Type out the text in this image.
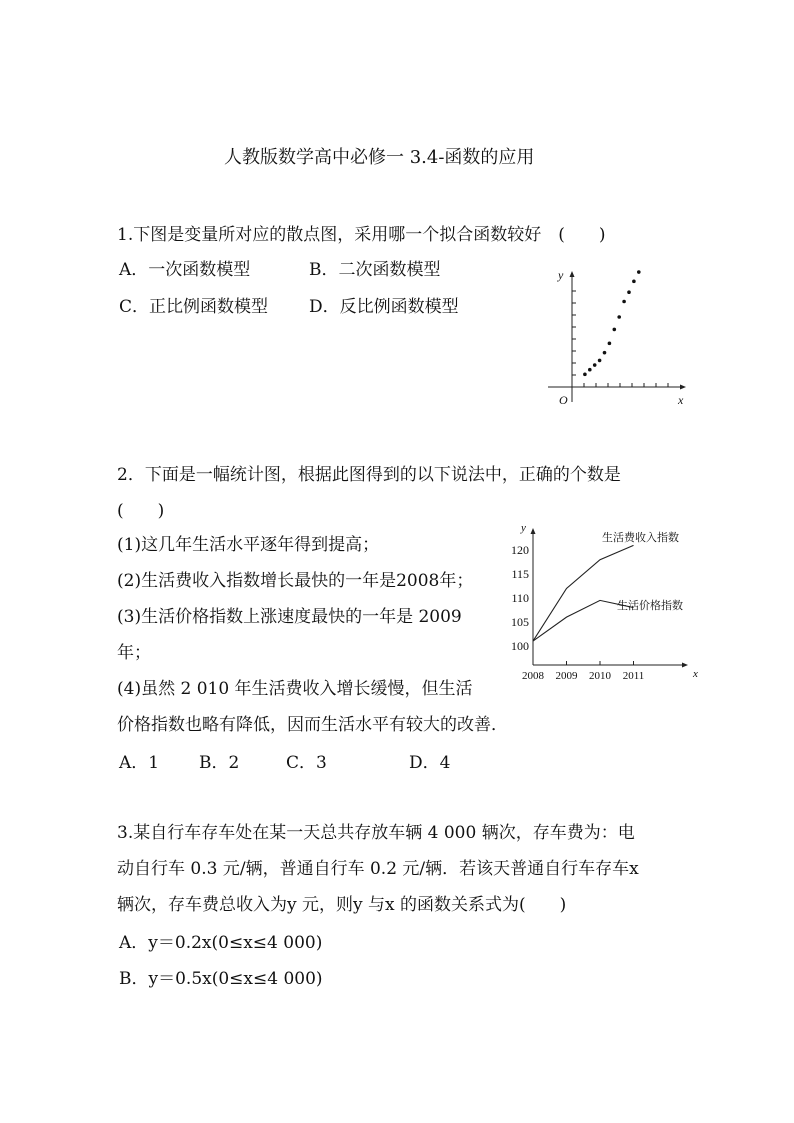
人教版数学高中必修一 3.4-函数的应用
1.下图是变量所对应的散点图，采用哪一个拟合函数较好　(　　)
A．一次函数模型	B．二次函数模型
C．正比例函数模型 D．反比例函数模型
y
x
O
2．下面是一幅统计图，根据此图得到的以下说法中，正确的个数是
(　　)
(1)这几年生活水平逐年得到提高；
(2)生活费收入指数增长最快的一年是2008年；
(3)生活价格指数上涨速度最快的一年是 2009
年；
(4)虽然 2 010 年生活费收入增长缓慢，但生活
价格指数也略有降低，因而生活水平有较大的改善．
A．1 B．2	C．3	D．4
y
x
100
105
110
115
120
2008 2009 2010 2011
生活费收入指数
生活价格指数
3.某自行车存车处在某一天总共存放车辆 4 000 辆次，存车费为：电
动自行车 0.3 元/辆，普通自行车 0.2 元/辆．若该天普通自行车存车x
辆次，存车费总收入为y 元，则y 与x 的函数关系式为(　　)
A．y＝0.2x(0≤x≤4 000)
B．y＝0.5x(0≤x≤4 000)
